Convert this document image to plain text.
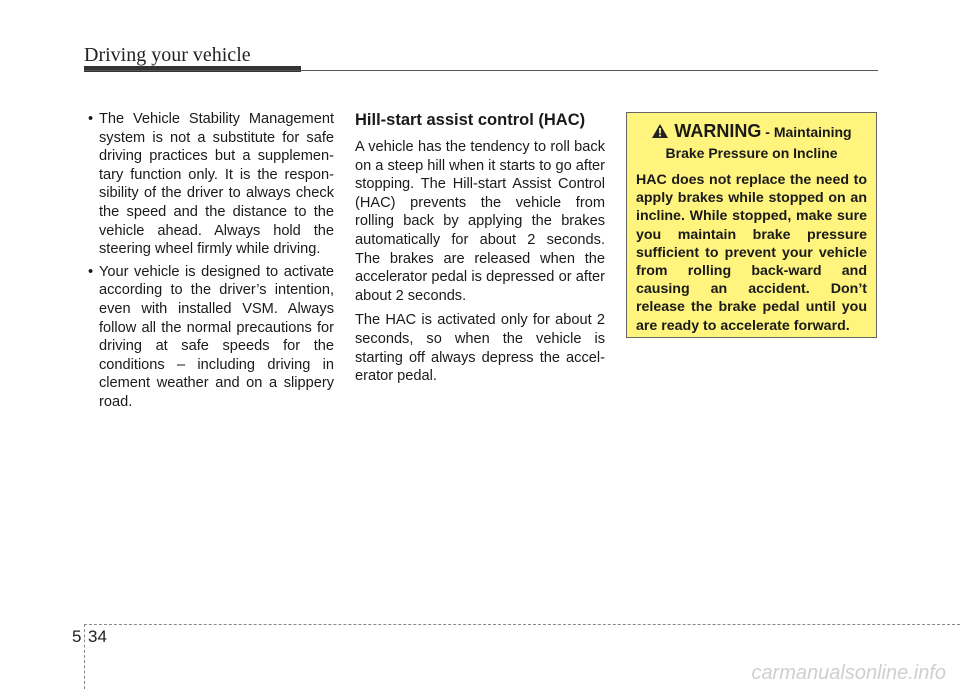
Driving your vehicle
• The Vehicle Stability Management system is not a substitute for safe driving practices but a supplemen-tary function only. It is the respon-sibility of the driver to always check the speed and the distance to the vehicle ahead. Always hold the steering wheel firmly while driving.
• Your vehicle is designed to activate according to the driver’s intention, even with installed VSM. Always follow all the normal precautions for driving at safe speeds for the conditions – including driving in clement weather and on a slippery road.
Hill-start assist control (HAC)

A vehicle has the tendency to roll back on a steep hill when it starts to go after stopping. The Hill-start Assist Control (HAC) prevents the vehicle from rolling back by applying the brakes automatically for about 2 seconds. The brakes are released when the accelerator pedal is depressed or after about 2 seconds.

The HAC is activated only for about 2 seconds, so when the vehicle is starting off always depress the accel-erator pedal.

WARNING - Maintaining
Brake Pressure on Incline
HAC does not replace the need to apply brakes while stopped on an incline. While stopped, make sure you maintain brake pressure sufficient to prevent your vehicle from rolling back-ward and causing an accident. Don’t release the brake pedal until you are ready to accelerate forward.
5 34
carmanualsonline.info
